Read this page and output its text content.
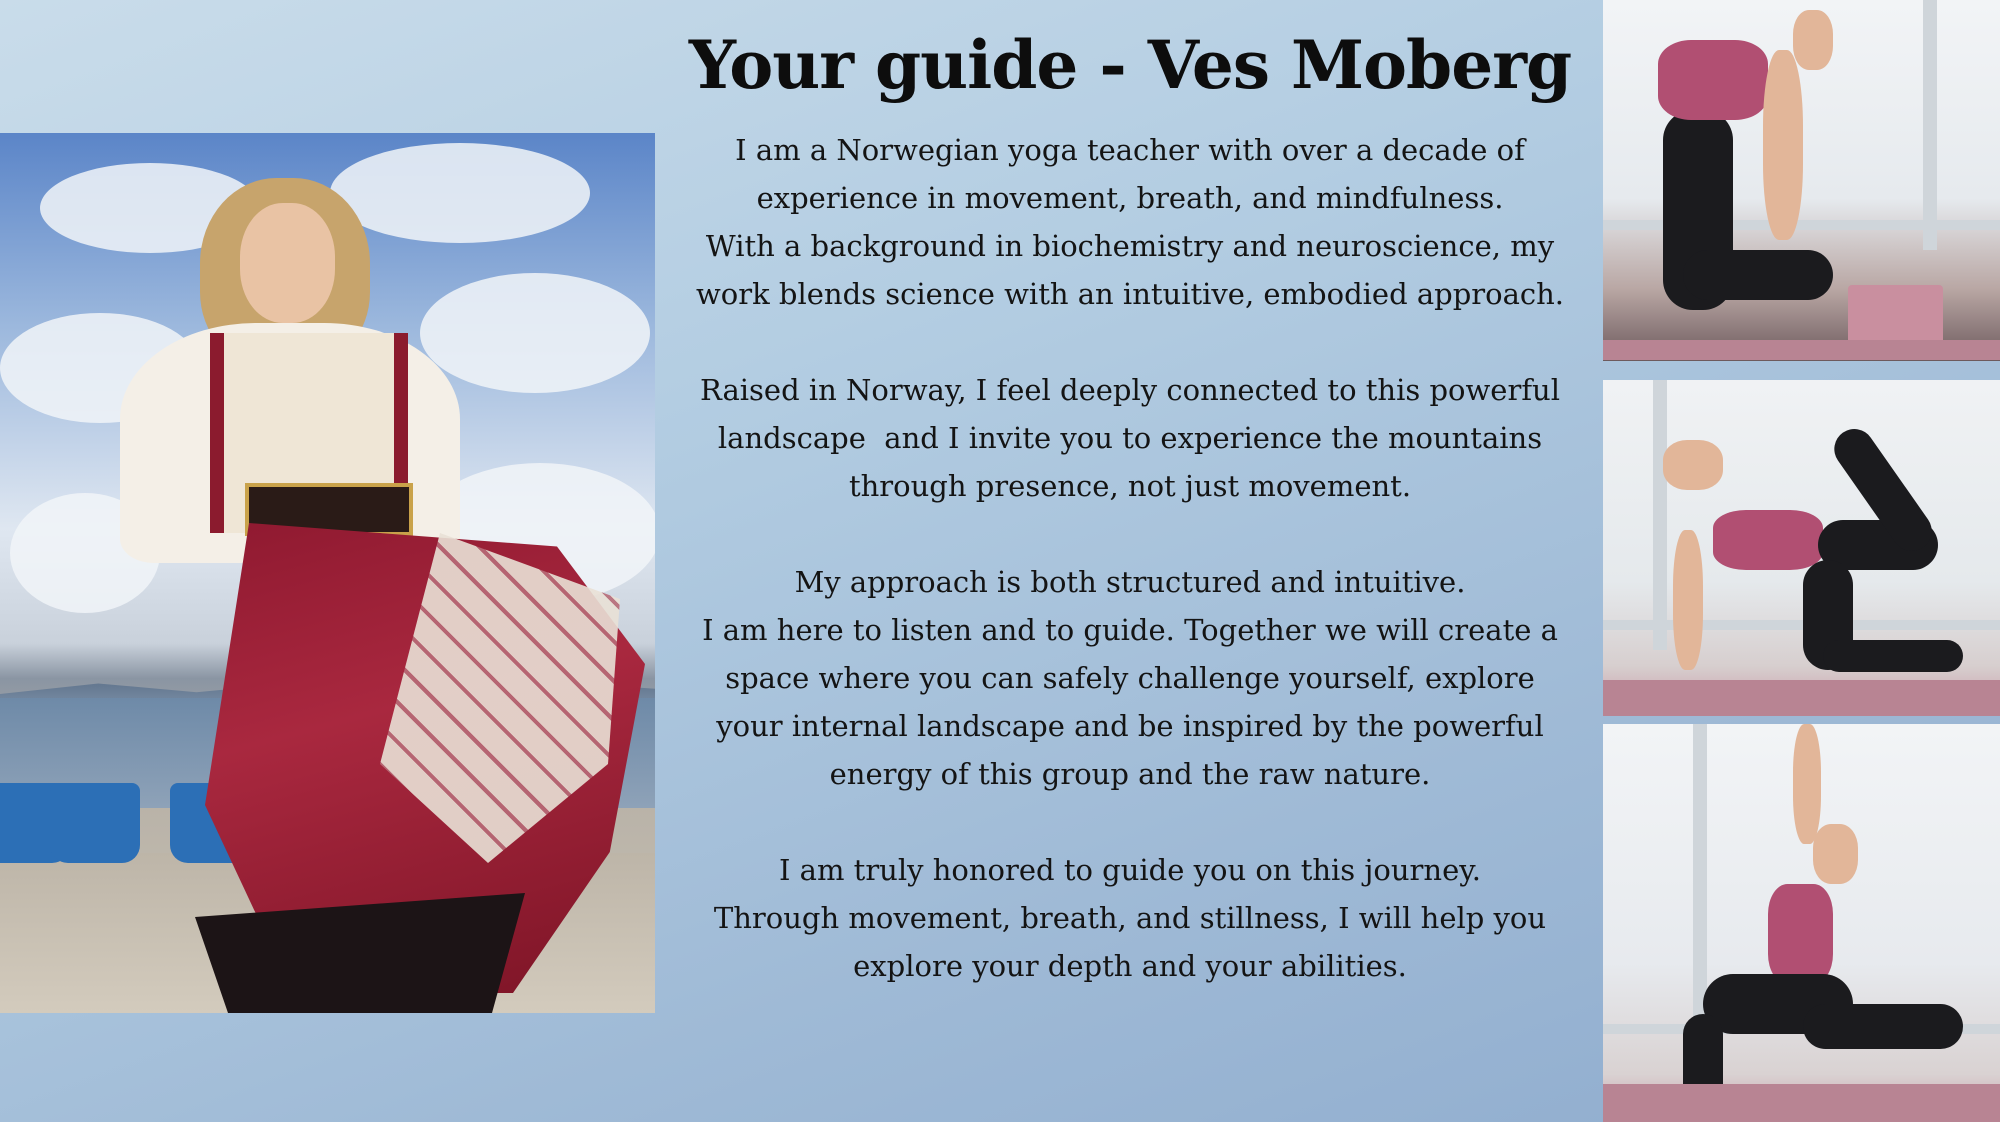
Your guide - Ves Moberg

I am a Norwegian yoga teacher with over a decade of
experience in movement, breath, and mindfulness.
With a background in biochemistry and neuroscience, my
work blends science with an intuitive, embodied approach.

Raised in Norway, I feel deeply connected to this powerful
landscape  and I invite you to experience the mountains
through presence, not just movement.

My approach is both structured and intuitive.
I am here to listen and to guide. Together we will create a
space where you can safely challenge yourself, explore
your internal landscape and be inspired by the powerful
energy of this group and the raw nature.

I am truly honored to guide you on this journey.
Through movement, breath, and stillness, I will help you
explore your depth and your abilities.
